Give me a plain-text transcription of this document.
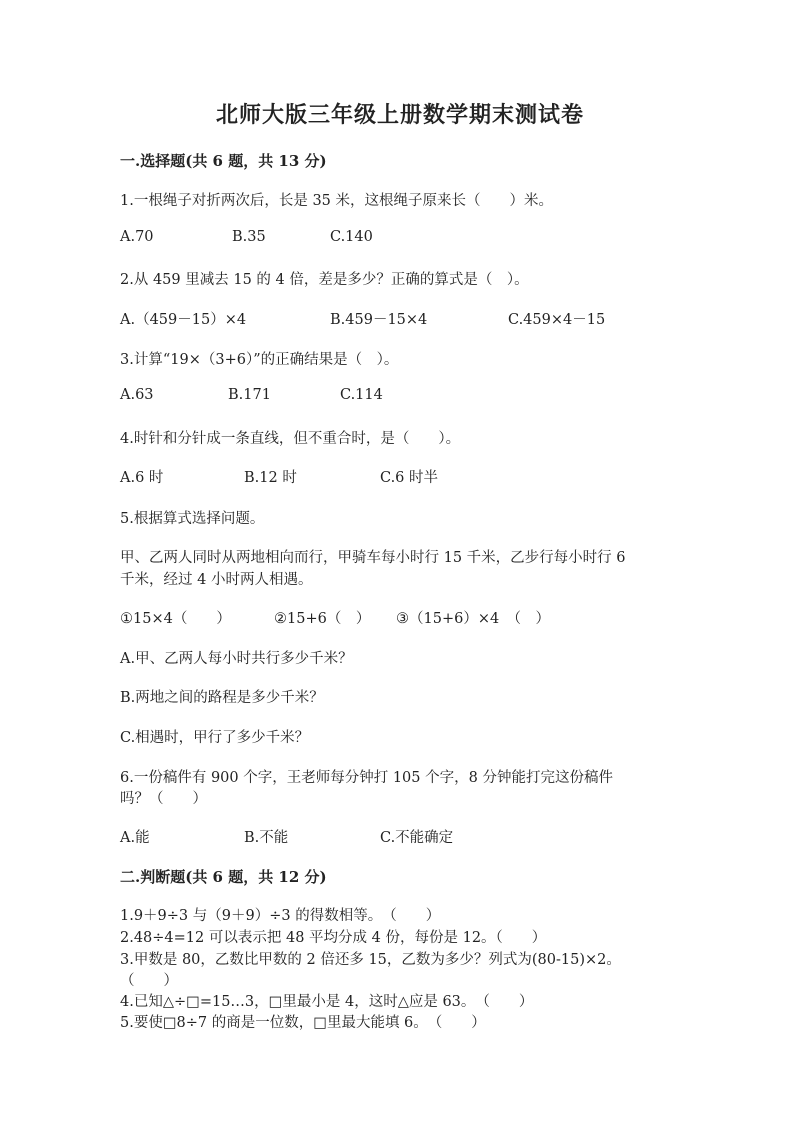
北师大版三年级上册数学期末测试卷
一.选择题(共 6 题，共 13 分)
1.一根绳子对折两次后，长是 35 米，这根绳子原来长（　　）米。
A.70	B.35	C.140
2.从 459 里减去 15 的 4 倍，差是多少？正确的算式是（　）。
A.（459－15）×4	B.459－15×4	C.459×4－15
3.计算“19×（3+6）”的正确结果是（　）。
A.63	B.171	C.114
4.时针和分针成一条直线，但不重合时，是（　　）。
A.6 时	B.12 时	C.6 时半
5.根据算式选择问题。
甲、乙两人同时从两地相向而行，甲骑车每小时行 15 千米，乙步行每小时行 6
千米，经过 4 小时两人相遇。
①15×4（　　）	②15+6（　） ③（15+6）×4　（　）
A.甲、乙两人每小时共行多少千米？
B.两地之间的路程是多少千米？
C.相遇时，甲行了多少千米？
6.一份稿件有 900 个字，王老师每分钟打 105 个字，8 分钟能打完这份稿件
吗？（　　）
A.能	B.不能	C.不能确定
二.判断题(共 6 题，共 12 分)
1.9＋9÷3 与（9＋9）÷3 的得数相等。　（　　）
2.48÷4=12 可以表示把 48 平均分成 4 份，每份是 12。（　　）
3.甲数是 80，乙数比甲数的 2 倍还多 15，乙数为多少？列式为(80-15)×2。
（　　）
4.已知△÷□=15…3，□里最小是 4，这时△应是 63。　（　　）
5.要使□8÷7 的商是一位数，□里最大能填 6。　（　　）
